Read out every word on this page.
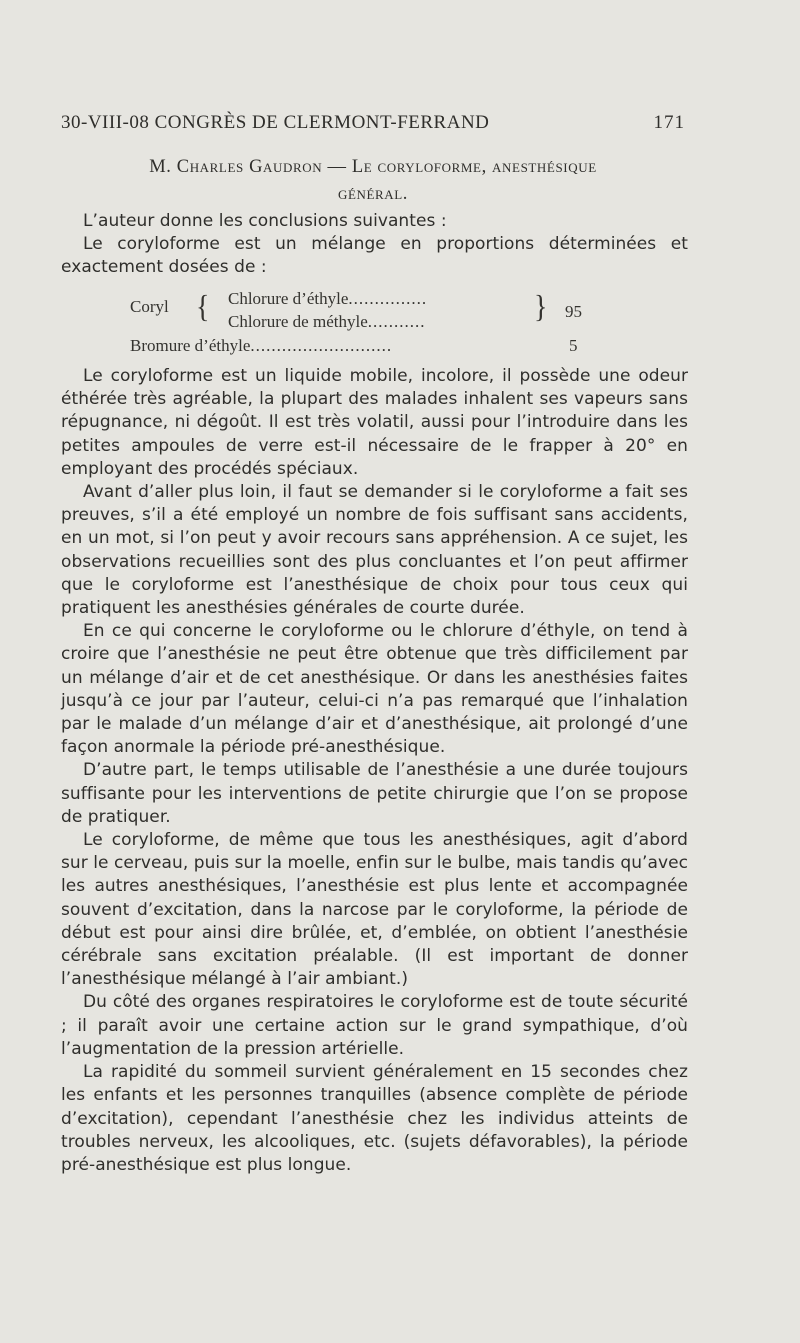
30-VIII-08 CONGRÈS DE CLERMONT-FERRAND	171
M. Charles Gaudron — Le coryloforme, anesthésique
général.

L’auteur donne les conclusions suivantes :

Le coryloforme est un mélange en proportions déterminées et exactement dosées de :

Coryl { Chlorure d’éthyle...............
Chlorure de méthyle...........	} 95
Bromure d’éthyle...........................	5

Le coryloforme est un liquide mobile, incolore, il possède une odeur éthérée très agréable, la plupart des malades inhalent ses vapeurs sans répugnance, ni dégoût. Il est très volatil, aussi pour l’introduire dans les petites ampoules de verre est-il nécessaire de le frapper à 20° en employant des procédés spéciaux.

Avant d’aller plus loin, il faut se demander si le coryloforme a fait ses preuves, s’il a été employé un nombre de fois suffisant sans accidents, en un mot, si l’on peut y avoir recours sans appréhension. A ce sujet, les observations recueillies sont des plus concluantes et l’on peut affirmer que le coryloforme est l’anesthésique de choix pour tous ceux qui pratiquent les anesthésies générales de courte durée.

En ce qui concerne le coryloforme ou le chlorure d’éthyle, on tend à croire que l’anesthésie ne peut être obtenue que très difficilement par un mélange d’air et de cet anesthésique. Or dans les anesthésies faites jusqu’à ce jour par l’auteur, celui-ci n’a pas remarqué que l’inhalation par le malade d’un mélange d’air et d’anesthésique, ait prolongé d’une façon anormale la période pré-anesthésique.

D’autre part, le temps utilisable de l’anesthésie a une durée toujours suffisante pour les interventions de petite chirurgie que l’on se propose de pratiquer.

Le coryloforme, de même que tous les anesthésiques, agit d’abord sur le cerveau, puis sur la moelle, enfin sur le bulbe, mais tandis qu’avec les autres anesthésiques, l’anesthésie est plus lente et accompagnée souvent d’excitation, dans la narcose par le coryloforme, la période de début est pour ainsi dire brûlée, et, d’emblée, on obtient l’anesthésie cérébrale sans excitation préalable. (Il est important de donner l’anesthésique mélangé à l’air ambiant.)

Du côté des organes respiratoires le coryloforme est de toute sécurité ; il paraît avoir une certaine action sur le grand sympathique, d’où l’augmentation de la pression artérielle.

La rapidité du sommeil survient généralement en 15 secondes chez les enfants et les personnes tranquilles (absence complète de période d’excitation), cependant l’anesthésie chez les individus atteints de troubles nerveux, les alcooliques, etc. (sujets défavorables), la période pré-anesthésique est plus longue.
